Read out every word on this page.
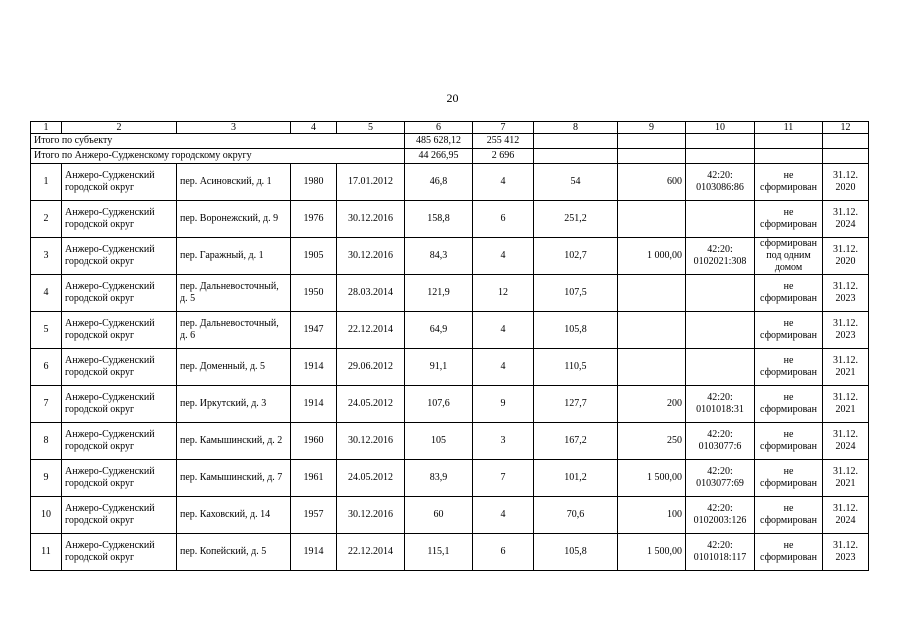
20
1	2	3	4	5	6	7	8	9	10	11	12
Итого по субъекту					485 628,12	255 412					
Итого по Анжеро-Судженскому городскому округу					44 266,95	2 696					
1	Анжеро-Судженский городской округ	пер. Асиновский, д. 1	1980	17.01.2012	46,8	4	54	600	42:20: 0103086:86	не сформирован	31.12. 2020
2	Анжеро-Судженский городской округ	пер. Воронежский, д. 9	1976	30.12.2016	158,8	6	251,2			не сформирован	31.12. 2024
3	Анжеро-Судженский городской округ	пер. Гаражный, д. 1	1905	30.12.2016	84,3	4	102,7	1 000,00	42:20: 0102021:308	сформирован под одним домом	31.12. 2020
4	Анжеро-Судженский городской округ	пер. Дальневосточный, д. 5	1950	28.03.2014	121,9	12	107,5			не сформирован	31.12. 2023
5	Анжеро-Судженский городской округ	пер. Дальневосточный, д. 6	1947	22.12.2014	64,9	4	105,8			не сформирован	31.12. 2023
6	Анжеро-Судженский городской округ	пер. Доменный, д. 5	1914	29.06.2012	91,1	4	110,5			не сформирован	31.12. 2021
7	Анжеро-Судженский городской округ	пер. Иркутский, д. 3	1914	24.05.2012	107,6	9	127,7	200	42:20: 0101018:31	не сформирован	31.12. 2021
8	Анжеро-Судженский городской округ	пер. Камышинский, д. 2	1960	30.12.2016	105	3	167,2	250	42:20: 0103077:6	не сформирован	31.12. 2024
9	Анжеро-Судженский городской округ	пер. Камышинский, д. 7	1961	24.05.2012	83,9	7	101,2	1 500,00	42:20: 0103077:69	не сформирован	31.12. 2021
10	Анжеро-Судженский городской округ	пер. Каховский, д. 14	1957	30.12.2016	60	4	70,6	100	42:20: 0102003:126	не сформирован	31.12. 2024
11	Анжеро-Судженский городской округ	пер. Копейский, д. 5	1914	22.12.2014	115,1	6	105,8	1 500,00	42:20: 0101018:117	не сформирован	31.12. 2023
